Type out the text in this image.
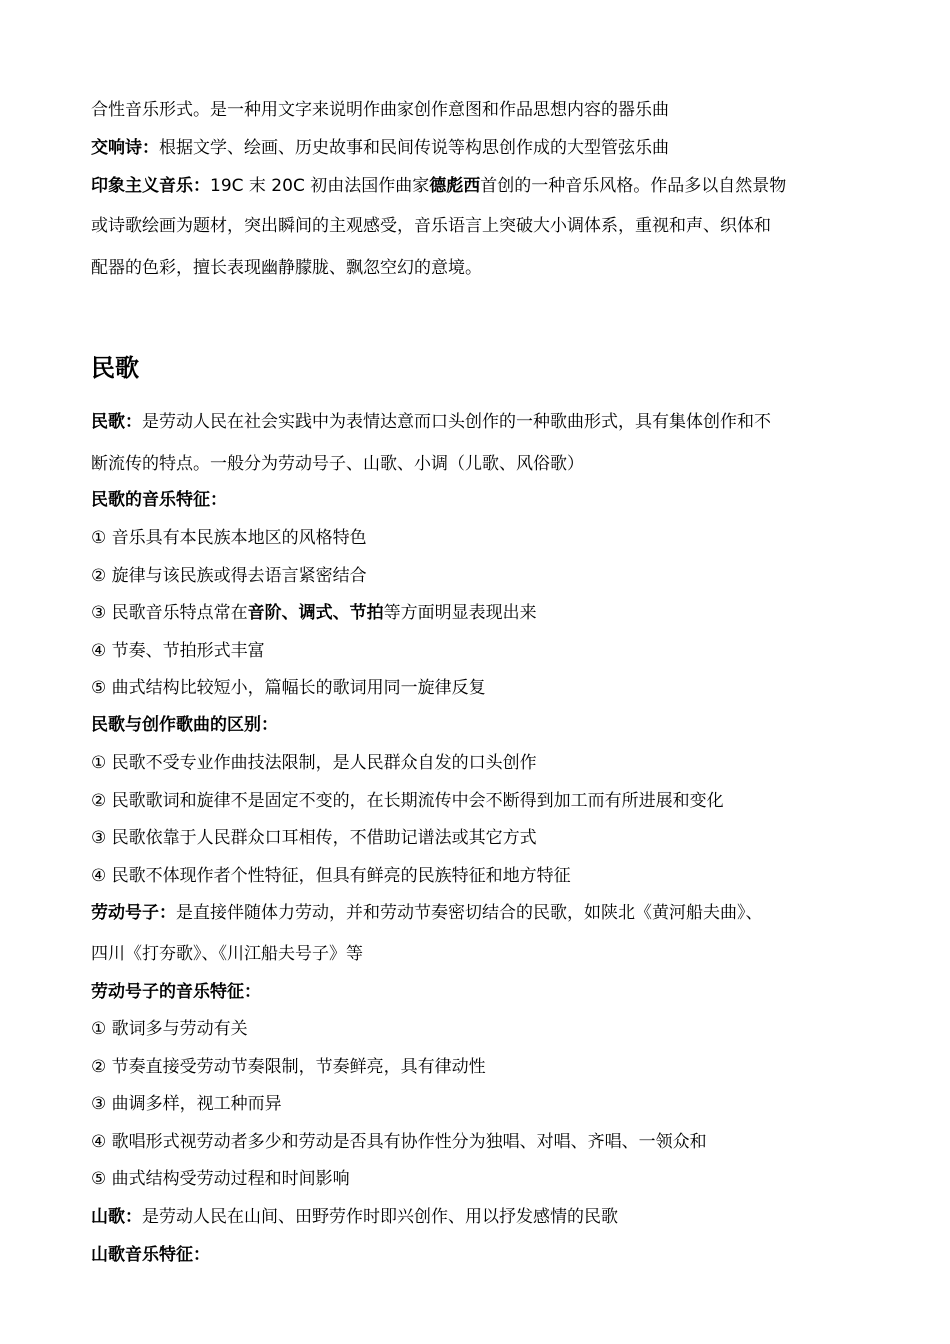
合性音乐形式。是一种用文字来说明作曲家创作意图和作品思想内容的器乐曲
交响诗：根据文学、绘画、历史故事和民间传说等构思创作成的大型管弦乐曲
印象主义音乐：19C 末 20C 初由法国作曲家德彪西首创的一种音乐风格。作品多以自然景物
或诗歌绘画为题材，突出瞬间的主观感受，音乐语言上突破大小调体系，重视和声、织体和
配器的色彩，擅长表现幽静朦胧、飘忽空幻的意境。
民歌
民歌：是劳动人民在社会实践中为表情达意而口头创作的一种歌曲形式，具有集体创作和不
断流传的特点。一般分为劳动号子、山歌、小调（儿歌、风俗歌）
民歌的音乐特征：
① 音乐具有本民族本地区的风格特色
② 旋律与该民族或得去语言紧密结合
③ 民歌音乐特点常在音阶、调式、节拍等方面明显表现出来
④ 节奏、节拍形式丰富
⑤ 曲式结构比较短小，篇幅长的歌词用同一旋律反复
民歌与创作歌曲的区别：
① 民歌不受专业作曲技法限制，是人民群众自发的口头创作
② 民歌歌词和旋律不是固定不变的，在长期流传中会不断得到加工而有所进展和变化
③ 民歌依靠于人民群众口耳相传，不借助记谱法或其它方式
④ 民歌不体现作者个性特征，但具有鲜亮的民族特征和地方特征
劳动号子：是直接伴随体力劳动，并和劳动节奏密切结合的民歌，如陕北《黄河船夫曲》、
四川《打夯歌》、《川江船夫号子》等
劳动号子的音乐特征：
① 歌词多与劳动有关
② 节奏直接受劳动节奏限制，节奏鲜亮，具有律动性
③ 曲调多样，视工种而异
④ 歌唱形式视劳动者多少和劳动是否具有协作性分为独唱、对唱、齐唱、一领众和
⑤ 曲式结构受劳动过程和时间影响
山歌：是劳动人民在山间、田野劳作时即兴创作、用以抒发感情的民歌
山歌音乐特征：
